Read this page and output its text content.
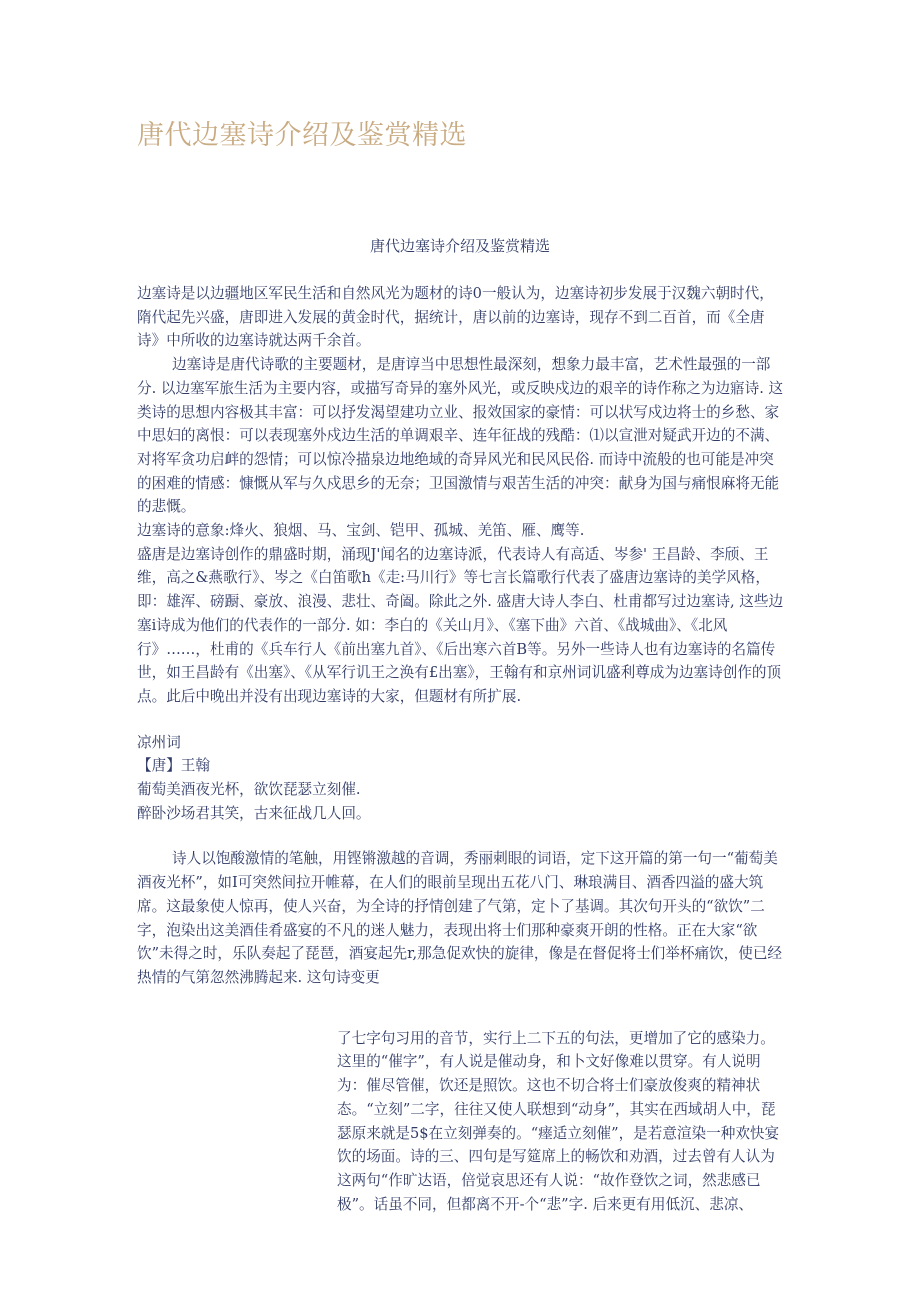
唐代边塞诗介绍及鉴赏精选
唐代边塞诗介绍及鉴赏精选

边塞诗是以边疆地区军民生活和自然风光为题材的诗0一般认为，边塞诗初步发展于汉魏六朝时代，隋代起先兴盛，唐即进入发展的黄金时代，据统计，唐以前的边塞诗，现存不到二百首，而《全唐诗》中所收的边塞诗就达两千余首。

边塞诗是唐代诗歌的主要题材，是唐谆当中思想性最深刻，想象力最丰富，艺术性最强的一部分. 以边塞军旅生活为主要内容，或描写奇异的塞外风光，或反映戍边的艰辛的诗作称之为边寤诗. 这类诗的思想内容极其丰富：可以抒发渴望建功立业、报效国家的豪情：可以状写戍边将士的乡愁、家中思妇的离恨：可以表现塞外戍边生活的单调艰辛、连年征战的残酷：⑴以宣泄对疑武开边的不满、对将军贪功启衅的怨情；可以惊冷描泉边地绝域的奇异风光和民风民俗. 而诗中流般的也可能是冲突的困难的情感：慷慨从军与久戍思乡的无奈；卫国激情与艰苦生活的冲突：献身为国与痛恨麻将无能的悲慨。

边塞诗的意象:烽火、狼烟、马、宝剑、铠甲、孤城、羌笛、雁、鹰等.

盛唐是边塞诗创作的鼎盛时期，涌现J'闻名的边塞诗派，代表诗人有高适、岑参' 王昌龄、李颀、王维，高之&燕歌行》、岑之《白笛歌h《走:马川行》等七言长篇歌行代表了盛唐边塞诗的美学风格，即：雄浑、磅蹰、豪放、浪漫、悲壮、奇阖。除此之外. 盛唐大诗人李白、杜甫都写过边塞诗, 这些边塞i诗成为他们的代表作的一部分. 如：李白的《关山月》、《塞下曲》六首、《战城曲》、《北风行》……，杜甫的《兵车行人《前出塞九首》、《后出寒六首B等。另外一些诗人也有边塞诗的名篇传世，如王昌龄有《出塞》、《从军行讥王之涣有£出塞》，王翰有和京州词讥盛利尊成为边塞诗创作的顶点。此后中晚出并没有出现边塞诗的大家，但题材有所扩展.

凉州词

【唐】王翰

葡萄美酒夜光杯，欲饮琵瑟立刻催.

醉卧沙场君其笑，古来征战几人回。

诗人以饱酸激情的笔触，用铿锵激越的音调，秀丽刺眼的词语，定下这开篇的第一句一“葡萄美酒夜光杯”，如I可突然间拉开帷幕，在人们的眼前呈现出五花八门、琳琅满目、酒香四溢的盛大筑席。这最象使人惊再，使人兴奋，为全诗的抒情创建了气第，定卜了基调。其次句开头的“欲饮”二字，泡染出这美酒佳肴盛宴的不凡的迷人魅力，表现出将士们那种豪爽开朗的性格。正在大家“欲饮”未得之时，乐队奏起了琵琶，酒宴起先r,那急促欢快的旋律，像是在督促将士们举杯痛饮，使已经热情的气第忽然沸腾起来. 这句诗变更

了七字句习用的音节，实行上二下五的句法，更增加了它的感染力。这里的“催字”，有人说是催动身，和卜文好像难以贯穿。有人说明为：催尽管催，饮还是照饮。这也不切合将士们豪放俊爽的精神状态。“立刻”二字，往往又使人联想到“动身”，其实在西域胡人中，琵瑟原来就是5$在立刻弹奏的。“瘗适立刻催”，是若意渲染一种欢快宴饮的场面。诗的三、四句是写筵席上的畅饮和劝酒，过去曾有人认为这两句“作旷达语，倍觉哀思还有人说：“故作登饮之词，然悲感已极”。话虽不同，但都离不开-个“悲”字. 后来更有用低沉、悲凉、
